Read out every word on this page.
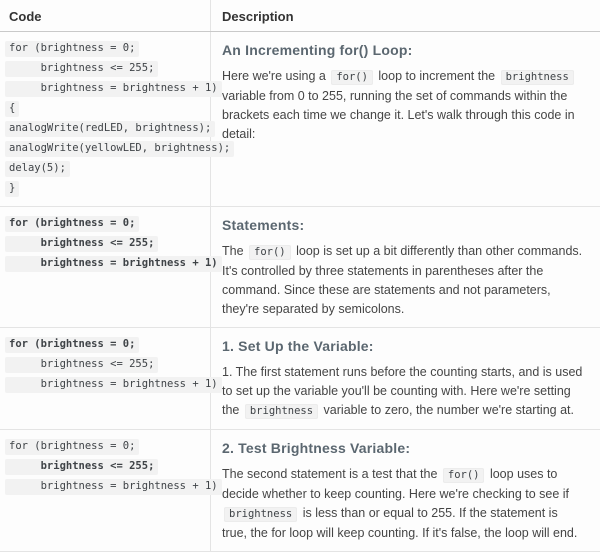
Code	Description
for (brightness = 0;
brightness <= 255;
brightness = brightness + 1)
{
analogWrite(redLED, brightness);
analogWrite(yellowLED, brightness);
delay(5);
}
An Incrementing for() Loop:

Here we're using a for() loop to increment the brightness variable from 0 to 255, running the set of commands within the brackets each time we change it. Let's walk through this code in detail:

for (brightness = 0;
brightness <= 255;
brightness = brightness + 1)
Statements:

The for() loop is set up a bit differently than other commands. It's controlled by three statements in parentheses after the command. Since these are statements and not parameters, they're separated by semicolons.

for (brightness = 0;
brightness <= 255;
brightness = brightness + 1)
1. Set Up the Variable:

1. The first statement runs before the counting starts, and is used to set up the variable you'll be counting with. Here we're setting the brightness variable to zero, the number we're starting at.

for (brightness = 0;
brightness <= 255;
brightness = brightness + 1)
2. Test Brightness Variable:

The second statement is a test that the for() loop uses to decide whether to keep counting. Here we're checking to see if brightness is less than or equal to 255. If the statement is true, the for loop will keep counting. If it's false, the loop will end.
